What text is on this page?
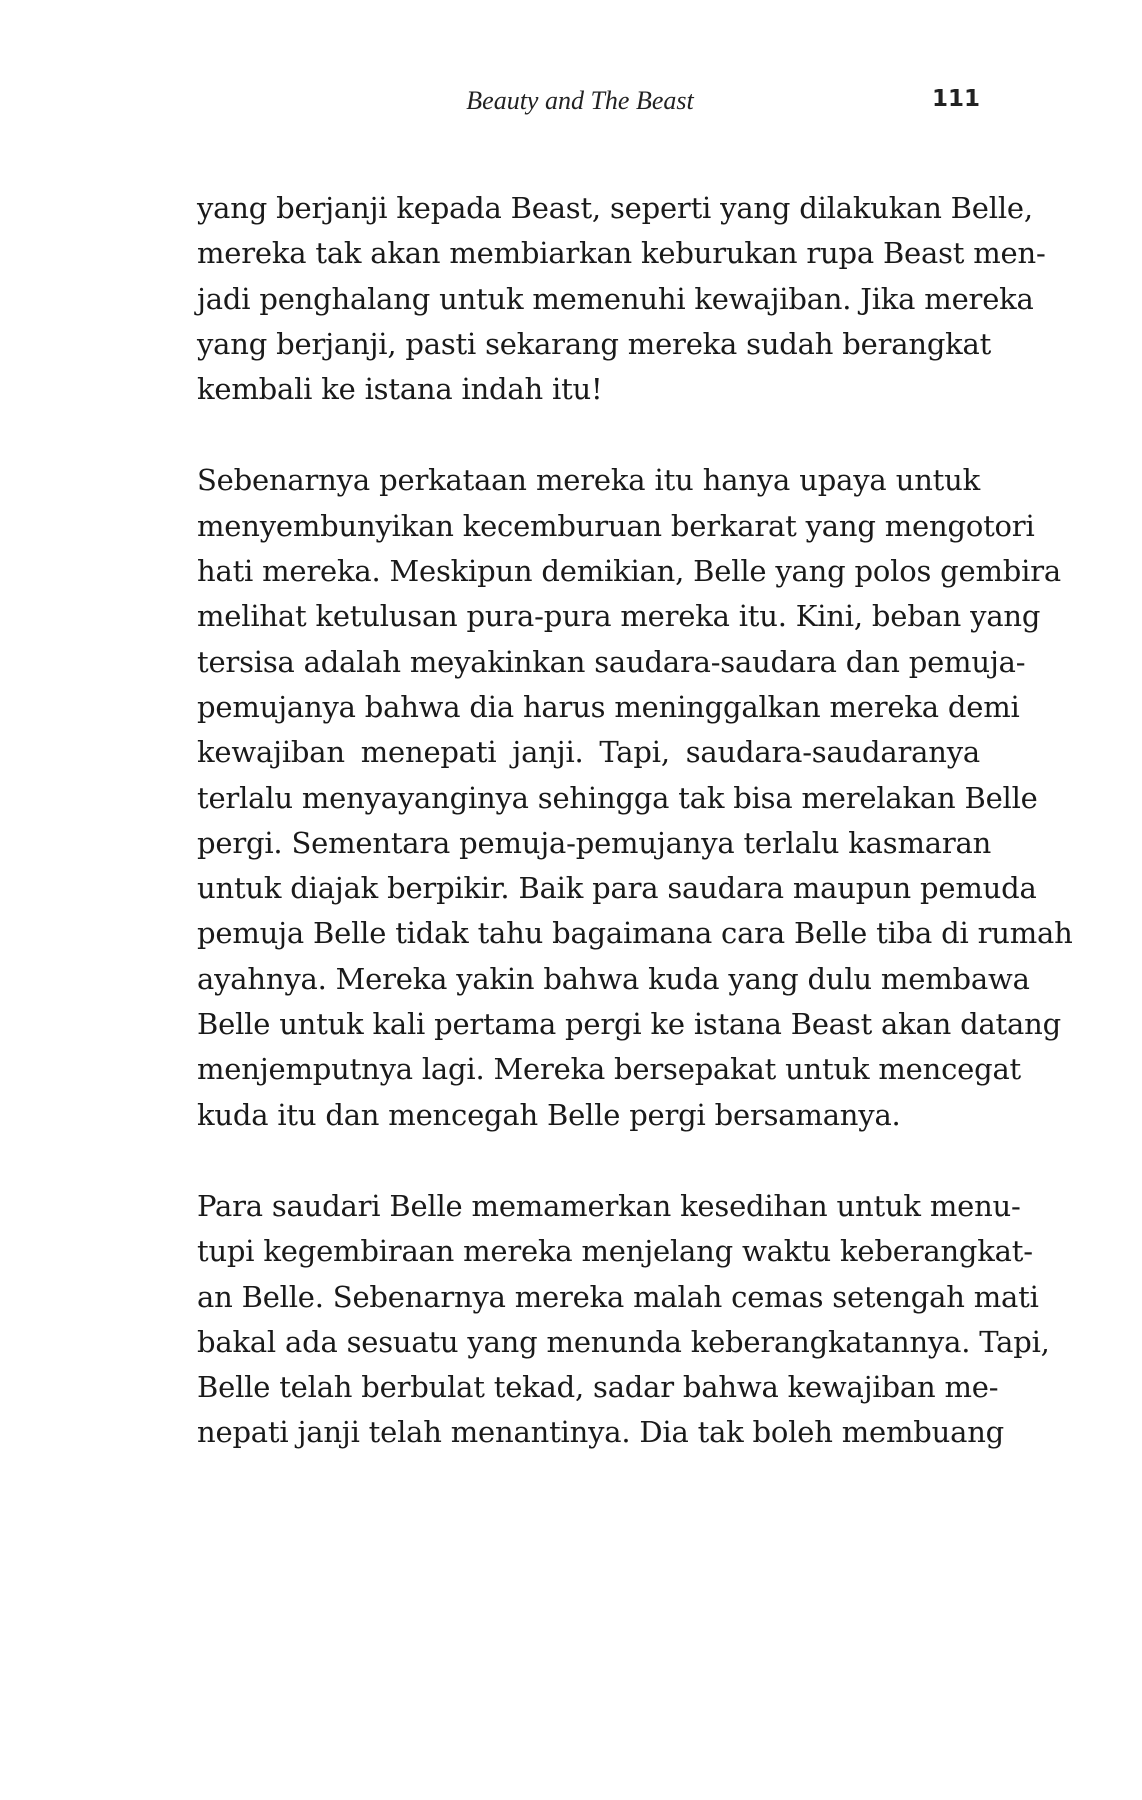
Beauty and The Beast	111
yang berjanji kepada Beast, seperti yang dilakukan Belle,
mereka tak akan membiarkan keburukan rupa Beast men-
jadi penghalang untuk memenuhi kewajiban. Jika mereka
yang berjanji, pasti sekarang mereka sudah berangkat
kembali ke istana indah itu!
Sebenarnya perkataan mereka itu hanya upaya untuk
menyembunyikan kecemburuan berkarat yang mengotori
hati mereka. Meskipun demikian, Belle yang polos gembira
melihat ketulusan pura-pura mereka itu. Kini, beban yang
tersisa adalah meyakinkan saudara-saudara dan pemuja-
pemujanya bahwa dia harus meninggalkan mereka demi
kewajiban menepati janji. Tapi, saudara-saudaranya
terlalu menyayanginya sehingga tak bisa merelakan Belle
pergi. Sementara pemuja-pemujanya terlalu kasmaran
untuk diajak berpikir. Baik para saudara maupun pemuda
pemuja Belle tidak tahu bagaimana cara Belle tiba di rumah
ayahnya. Mereka yakin bahwa kuda yang dulu membawa
Belle untuk kali pertama pergi ke istana Beast akan datang
menjemputnya lagi. Mereka bersepakat untuk mencegat
kuda itu dan mencegah Belle pergi bersamanya.
Para saudari Belle memamerkan kesedihan untuk menu-
tupi kegembiraan mereka menjelang waktu keberangkat-
an Belle. Sebenarnya mereka malah cemas setengah mati
bakal ada sesuatu yang menunda keberangkatannya. Tapi,
Belle telah berbulat tekad, sadar bahwa kewajiban me-
nepati janji telah menantinya. Dia tak boleh membuang
